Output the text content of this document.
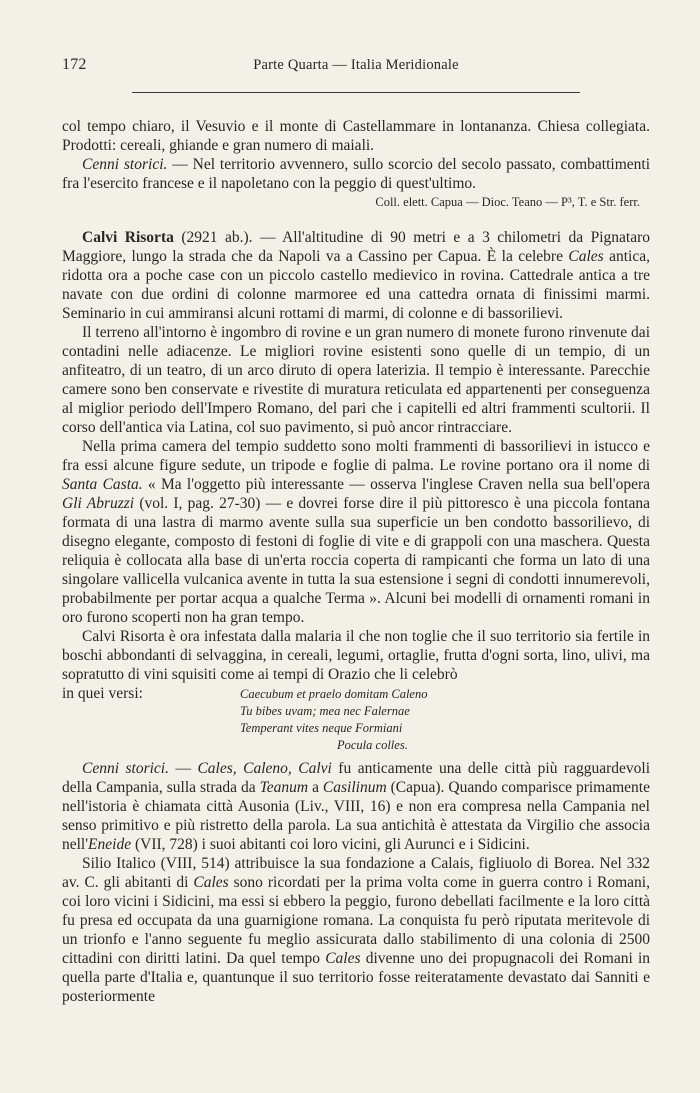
172	Parte Quarta — Italia Meridionale

col tempo chiaro, il Vesuvio e il monte di Castellammare in lontananza. Chiesa collegiata. Prodotti: cereali, ghiande e gran numero di maiali.

Cenni storici. — Nel territorio avvennero, sullo scorcio del secolo passato, combattimenti fra l'esercito francese e il napoletano con la peggio di quest'ultimo.

Coll. elett. Capua — Dioc. Teano — P³, T. e Str. ferr.

Calvi Risorta (2921 ab.). — All'altitudine di 90 metri e a 3 chilometri da Pignataro Maggiore, lungo la strada che da Napoli va a Cassino per Capua. È la celebre Cales antica, ridotta ora a poche case con un piccolo castello medievico in rovina. Cattedrale antica a tre navate con due ordini di colonne marmoree ed una cattedra ornata di finissimi marmi. Seminario in cui ammiransi alcuni rottami di marmi, di colonne e di bassorilievi.

Il terreno all'intorno è ingombro di rovine e un gran numero di monete furono rinvenute dai contadini nelle adiacenze. Le migliori rovine esistenti sono quelle di un tempio, di un anfiteatro, di un teatro, di un arco diruto di opera laterizia. Il tempio è interessante. Parecchie camere sono ben conservate e rivestite di muratura reticulata ed appartenenti per conseguenza al miglior periodo dell'Impero Romano, del pari che i capitelli ed altri frammenti scultorii. Il corso dell'antica via Latina, col suo pavimento, si può ancor rintracciare.

Nella prima camera del tempio suddetto sono molti frammenti di bassorilievi in istucco e fra essi alcune figure sedute, un tripode e foglie di palma. Le rovine portano ora il nome di Santa Casta. « Ma l'oggetto più interessante — osserva l'inglese Craven nella sua bell'opera Gli Abruzzi (vol. I, pag. 27-30) — e dovrei forse dire il più pittoresco è una piccola fontana formata di una lastra di marmo avente sulla sua superficie un ben condotto bassorilievo, di disegno elegante, composto di festoni di foglie di vite e di grappoli con una maschera. Questa reliquia è collocata alla base di un'erta roccia coperta di rampicanti che forma un lato di una singolare vallicella vulcanica avente in tutta la sua estensione i segni di condotti innumerevoli, probabilmente per portar acqua a qualche Terma ». Alcuni bei modelli di ornamenti romani in oro furono scoperti non ha gran tempo.

Calvi Risorta è ora infestata dalla malaria il che non toglie che il suo territorio sia fertile in boschi abbondanti di selvaggina, in cereali, legumi, ortaglie, frutta d'ogni sorta, lino, ulivi, ma sopratutto di vini squisiti come ai tempi di Orazio che li celebrò

in quei versi:	Caecubum et praelo domitam Caleno
Tu bibes uvam; mea nec Falernae
Temperant vites neque Formiani
Pocula colles.

Cenni storici. — Cales, Caleno, Calvi fu anticamente una delle città più ragguardevoli della Campania, sulla strada da Teanum a Casilinum (Capua). Quando comparisce primamente nell'istoria è chiamata città Ausonia (Liv., VIII, 16) e non era compresa nella Campania nel senso primitivo e più ristretto della parola. La sua antichità è attestata da Virgilio che associa nell'Eneide (VII, 728) i suoi abitanti coi loro vicini, gli Aurunci e i Sidicini.

Silio Italico (VIII, 514) attribuisce la sua fondazione a Calais, figliuolo di Borea. Nel 332 av. C. gli abitanti di Cales sono ricordati per la prima volta come in guerra contro i Romani, coi loro vicini i Sidicini, ma essi si ebbero la peggio, furono debellati facilmente e la loro città fu presa ed occupata da una guarnigione romana. La conquista fu però riputata meritevole di un trionfo e l'anno seguente fu meglio assicurata dallo stabilimento di una colonia di 2500 cittadini con diritti latini. Da quel tempo Cales divenne uno dei propugnacoli dei Romani in quella parte d'Italia e, quantunque il suo territorio fosse reiteratamente devastato dai Sanniti e posteriormente
